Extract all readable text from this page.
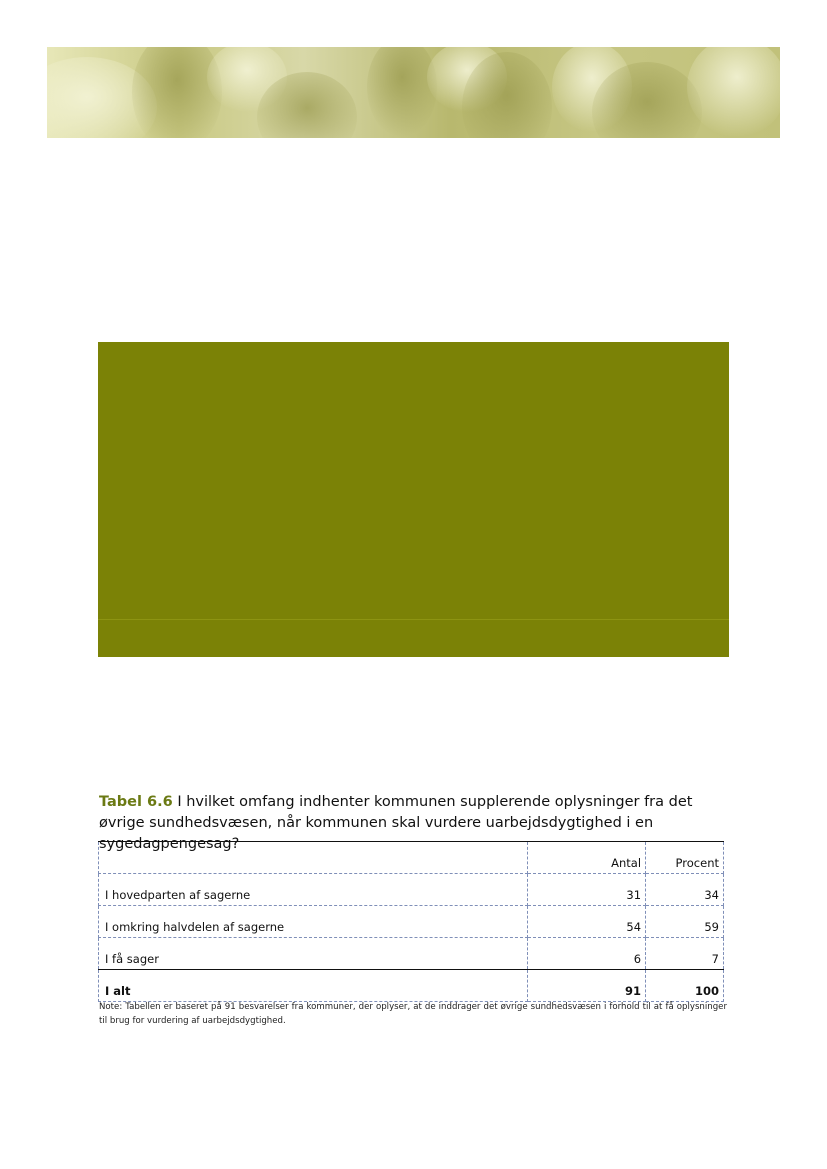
Tabel 6.6 I hvilket omfang indhenter kommunen supplerende oplysninger fra det øvrige sundhedsvæsen, når kommunen skal vurdere uarbejdsdygtighed i en sygedagpengesag?
	Antal	Procent
I hovedparten af sagerne	31	34
I omkring halvdelen af sagerne	54	59
I få sager	6	7
I alt	91	100
Note: Tabellen er baseret på 91 besvarelser fra kommuner, der oplyser, at de inddrager det øvrige sundhedsvæsen i forhold til at få oplysninger til brug for vurdering af uarbejdsdygtighed.
